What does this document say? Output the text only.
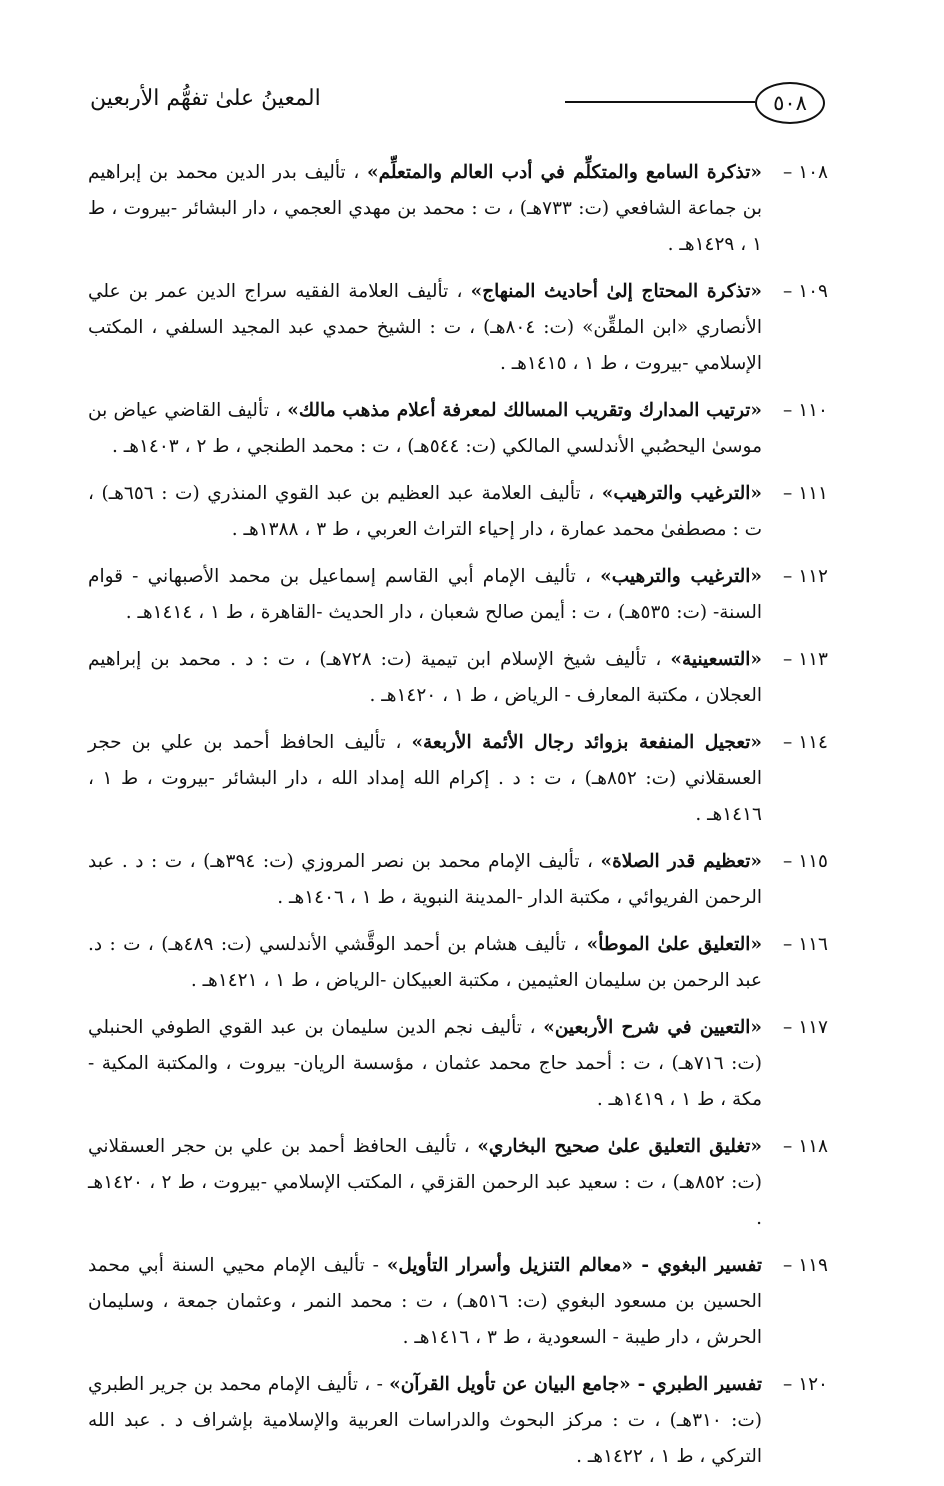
٥٠٨
المعينُ علىٰ تفهُّم الأربعين
١٠٨ –
«تذكرة السامع والمتكلِّم في أدب العالم والمتعلِّم» ، تأليف بدر الدين محمد بن إبراهيم بن جماعة الشافعي (ت: ٧٣٣هـ) ، ت : محمد بن مهدي العجمي ، دار البشائر -بيروت ، ط ١ ، ١٤٢٩هـ .
١٠٩ –
«تذكرة المحتاج إلىٰ أحاديث المنهاج» ، تأليف العلامة الفقيه سراج الدين عمر بن علي الأنصاري «ابن الملقِّن» (ت: ٨٠٤هـ) ، ت : الشيخ حمدي عبد المجيد السلفي ، المكتب الإسلامي -بيروت ، ط ١ ، ١٤١٥هـ .
١١٠ –
«ترتيب المدارك وتقريب المسالك لمعرفة أعلام مذهب مالك» ، تأليف القاضي عياض بن موسىٰ اليحصُبي الأندلسي المالكي (ت: ٥٤٤هـ) ، ت : محمد الطنجي ، ط ٢ ، ١٤٠٣هـ .
١١١ –
«الترغيب والترهيب» ، تأليف العلامة عبد العظيم بن عبد القوي المنذري (ت : ٦٥٦هـ) ، ت : مصطفىٰ محمد عمارة ، دار إحياء التراث العربي ، ط ٣ ، ١٣٨٨هـ .
١١٢ –
«الترغيب والترهيب» ، تأليف الإمام أبي القاسم إسماعيل بن محمد الأصبهاني - قوام السنة- (ت: ٥٣٥هـ) ، ت : أيمن صالح شعبان ، دار الحديث -القاهرة ، ط ١ ، ١٤١٤هـ .
١١٣ –
«التسعينية» ، تأليف شيخ الإسلام ابن تيمية (ت: ٧٢٨هـ) ، ت : د . محمد بن إبراهيم العجلان ، مكتبة المعارف - الرياض ، ط ١ ، ١٤٢٠هـ .
١١٤ –
«تعجيل المنفعة بزوائد رجال الأئمة الأربعة» ، تأليف الحافظ أحمد بن علي بن حجر العسقلاني (ت: ٨٥٢هـ) ، ت : د . إكرام الله إمداد الله ، دار البشائر -بيروت ، ط ١ ، ١٤١٦هـ .
١١٥ –
«تعظيم قدر الصلاة» ، تأليف الإمام محمد بن نصر المروزي (ت: ٣٩٤هـ) ، ت : د . عبد الرحمن الفريوائي ، مكتبة الدار -المدينة النبوية ، ط ١ ، ١٤٠٦هـ .
١١٦ –
«التعليق علىٰ الموطأ» ، تأليف هشام بن أحمد الوقَّشي الأندلسي (ت: ٤٨٩هـ) ، ت : د. عبد الرحمن بن سليمان العثيمين ، مكتبة العبيكان -الرياض ، ط ١ ، ١٤٢١هـ .
١١٧ –
«التعيين في شرح الأربعين» ، تأليف نجم الدين سليمان بن عبد القوي الطوفي الحنبلي (ت: ٧١٦هـ) ، ت : أحمد حاج محمد عثمان ، مؤسسة الريان- بيروت ، والمكتبة المكية - مكة ، ط ١ ، ١٤١٩هـ .
١١٨ –
«تغليق التعليق علىٰ صحيح البخاري» ، تأليف الحافظ أحمد بن علي بن حجر العسقلاني (ت: ٨٥٢هـ) ، ت : سعيد عبد الرحمن القزقي ، المكتب الإسلامي -بيروت ، ط ٢ ، ١٤٢٠هـ .
١١٩ –
تفسير البغوي - «معالم التنزيل وأسرار التأويل» - تأليف الإمام محيي السنة أبي محمد الحسين بن مسعود البغوي (ت: ٥١٦هـ) ، ت : محمد النمر ، وعثمان جمعة ، وسليمان الحرش ، دار طيبة - السعودية ، ط ٣ ، ١٤١٦هـ .
١٢٠ –
تفسير الطبري - «جامع البيان عن تأويل القرآن» - ، تأليف الإمام محمد بن جرير الطبري (ت: ٣١٠هـ) ، ت : مركز البحوث والدراسات العربية والإسلامية بإشراف د . عبد الله التركي ، ط ١ ، ١٤٢٢هـ .
